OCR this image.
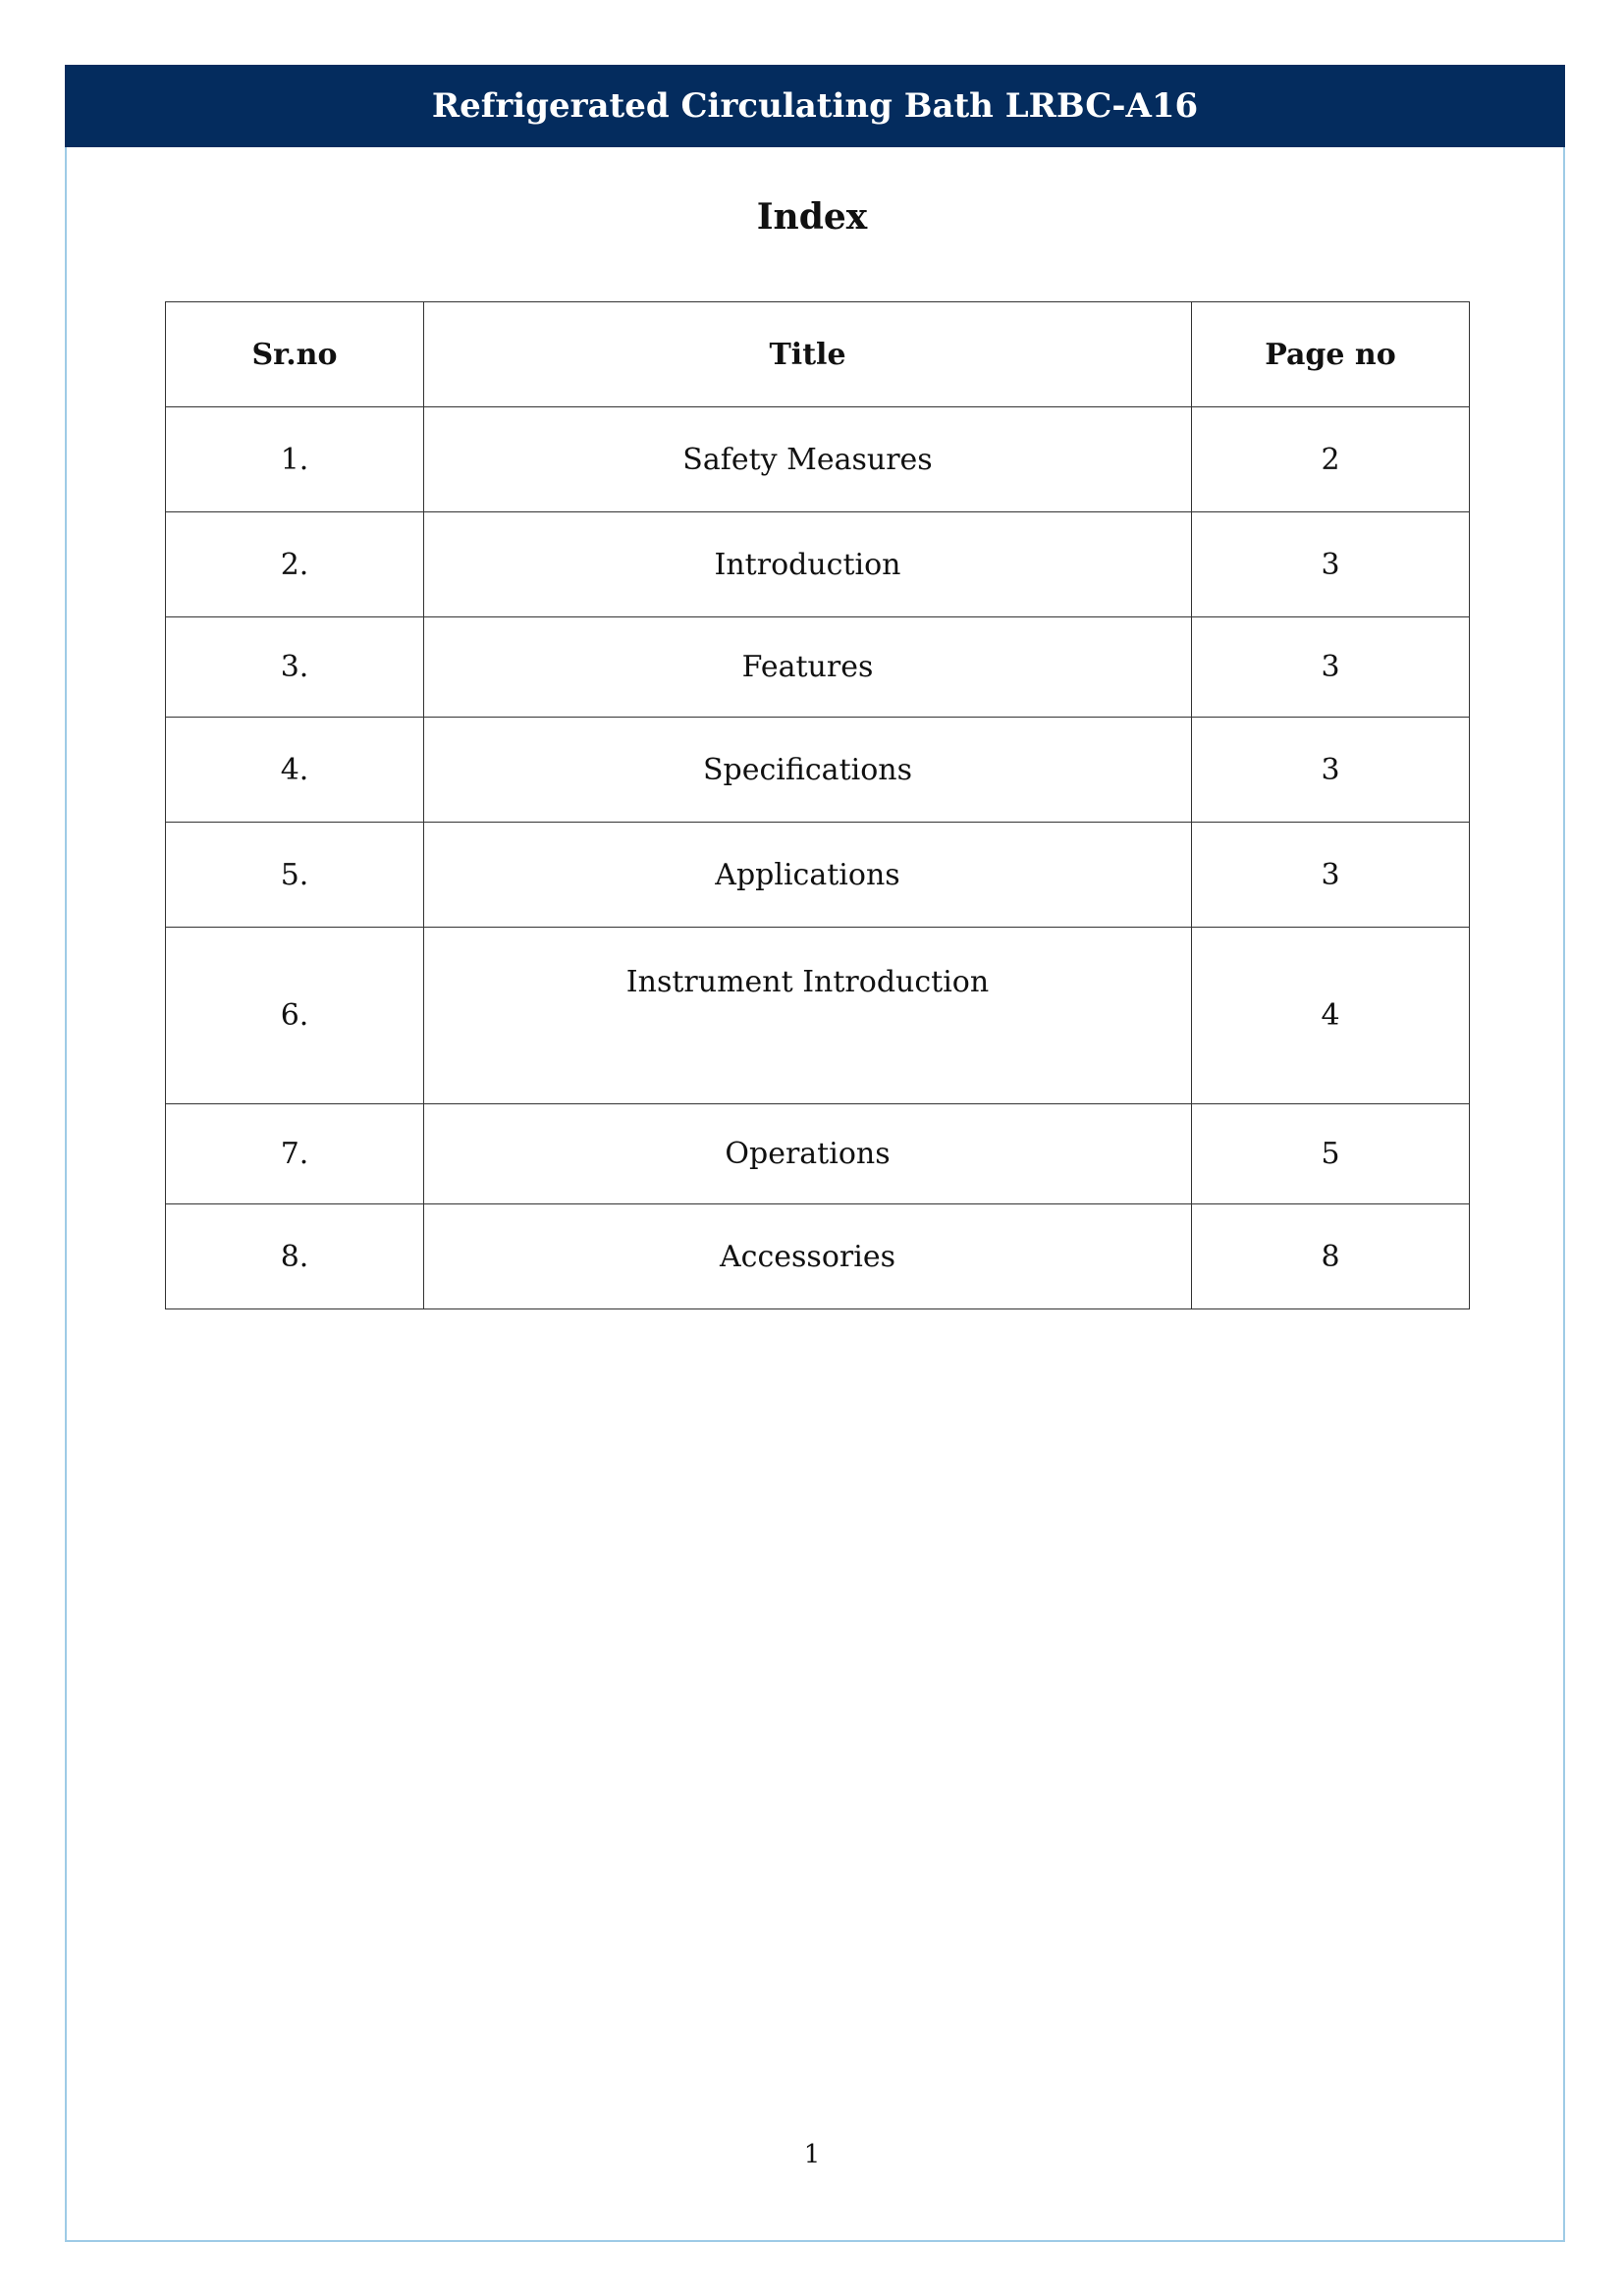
Refrigerated Circulating Bath LRBC-A16
Index
Sr.no	Title	Page no
1.	Safety Measures	2
2.	Introduction	3
3.	Features	3
4.	Specifications	3
5.	Applications	3
6.	Instrument Introduction	4
7.	Operations	5
8.	Accessories	8
1
